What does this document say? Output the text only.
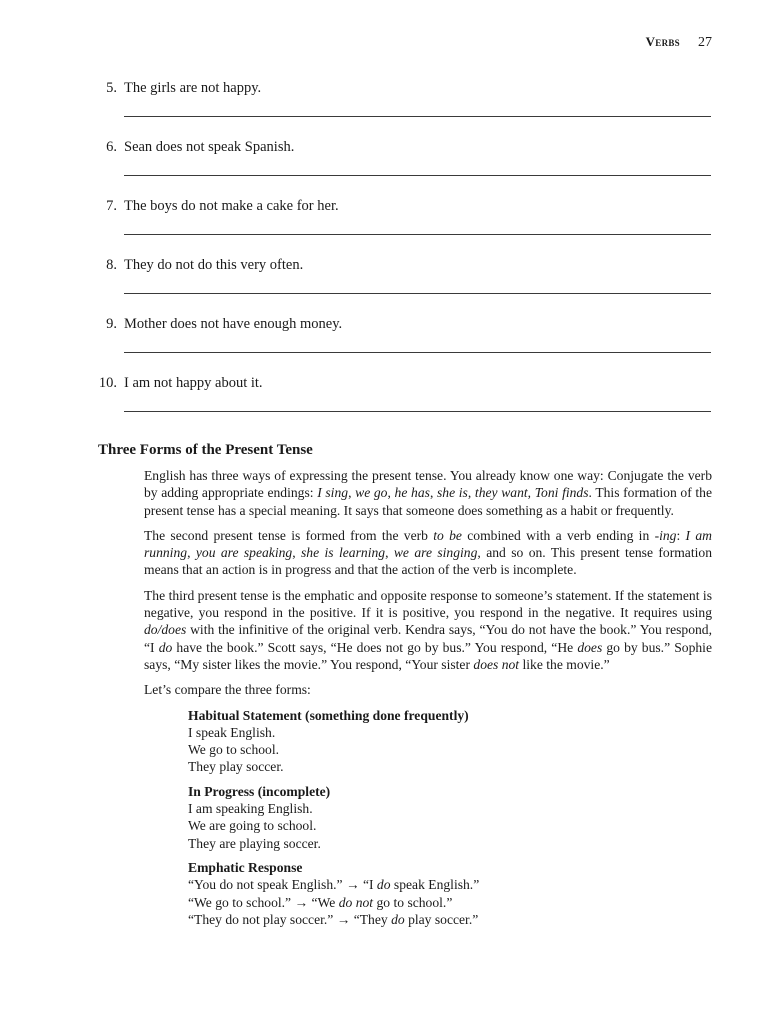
Verbs 27
5. The girls are not happy.
6. Sean does not speak Spanish.
7. The boys do not make a cake for her.
8. They do not do this very often.
9. Mother does not have enough money.
10. I am not happy about it.
Three Forms of the Present Tense

English has three ways of expressing the present tense. You already know one way: Conjugate the verb by adding appropriate endings: I sing, we go, he has, she is, they want, Toni finds. This formation of the present tense has a special meaning. It says that someone does something as a habit or frequently.

The second present tense is formed from the verb to be combined with a verb ending in -ing: I am running, you are speaking, she is learning, we are singing, and so on. This present tense formation means that an action is in progress and that the action of the verb is incomplete.

The third present tense is the emphatic and opposite response to someone’s statement. If the statement is negative, you respond in the positive. If it is positive, you respond in the negative. It requires using do/does with the infinitive of the original verb. Kendra says, “You do not have the book.” You respond, “I do have the book.” Scott says, “He does not go by bus.” You respond, “He does go by bus.” Sophie says, “My sister likes the movie.” You respond, “Your sister does not like the movie.”

Let’s compare the three forms:

Habitual Statement (something done frequently)
I speak English.
We go to school.
They play soccer.
In Progress (incomplete)
I am speaking English.
We are going to school.
They are playing soccer.
Emphatic Response
“You do not speak English.” → “I do speak English.”
“We go to school.” → “We do not go to school.”
“They do not play soccer.” → “They do play soccer.”
